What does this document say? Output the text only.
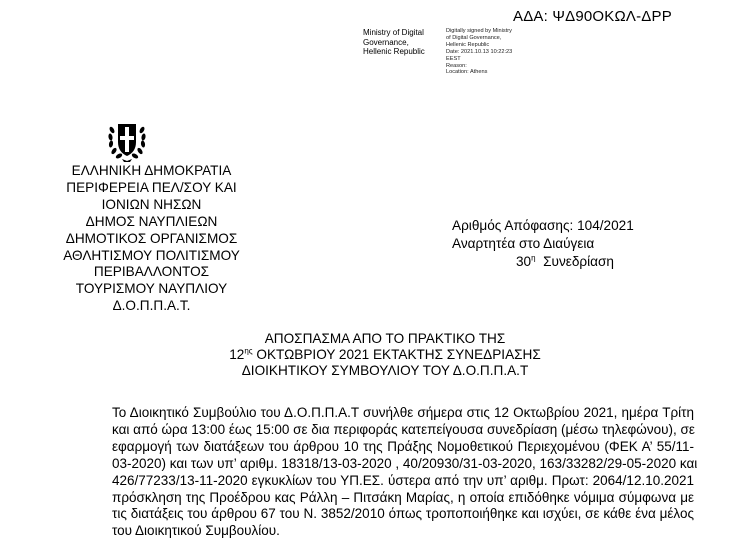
ΑΔΑ: ΨΔ90ΟΚΩΛ-ΔΡΡ
Ministry of Digital
Governance,
Hellenic Republic
Digitally signed by Ministry
of Digital Governance,
Hellenic Republic
Date: 2021.10.13 10:22:23
EEST
Reason:
Location: Athens
ΕΛΛΗΝΙΚΗ ΔΗΜΟΚΡΑΤΙΑ
ΠΕΡΙΦΕΡΕΙΑ ΠΕΛ/ΣΟΥ ΚΑΙ
ΙΟΝΙΩΝ ΝΗΣΩΝ
ΔΗΜΟΣ ΝΑΥΠΛΙΕΩΝ
ΔΗΜΟΤΙΚΟΣ ΟΡΓΑΝΙΣΜΟΣ
ΑΘΛΗΤΙΣΜΟΥ ΠΟΛΙΤΙΣΜΟΥ
ΠΕΡΙΒΑΛΛΟΝΤΟΣ
ΤΟΥΡΙΣΜΟΥ ΝΑΥΠΛΙΟΥ
Δ.Ο.Π.Π.Α.Τ.
Αριθμός Απόφασης: 104/2021
Αναρτητέα στο Διαύγεια
$30^\eta$ Συνεδρίαση
ΑΠΟΣΠΑΣΜΑ ΑΠΟ ΤΟ ΠΡΑΚΤΙΚΟ ΤΗΣ
$12^{\eta\varsigma}$ ΟΚΤΩΒΡΙΟΥ 2021 ΕΚΤΑΚΤΗΣ ΣΥΝΕΔΡΙΑΣΗΣ
ΔΙΟΙΚΗΤΙΚΟΥ ΣΥΜΒΟΥΛΙΟΥ ΤΟΥ Δ.Ο.Π.Π.Α.Τ
Το Διοικητικό Συμβούλιο του Δ.Ο.Π.Π.Α.Τ συνήλθε σήμερα στις 12 Οκτωβρίου 2021, ημέρα Τρίτη
και από ώρα 13:00 έως 15:00 σε δια περιφοράς κατεπείγουσα συνεδρίαση (μέσω τηλεφώνου), σε
εφαρμογή των διατάξεων του άρθρου 10 της Πράξης Νομοθετικού Περιεχομένου (ΦΕΚ Α’ 55/11-
03-2020) και των υπ’ αριθμ. 18318/13-03-2020 , 40/20930/31-03-2020, 163/33282/29-05-2020 και
426/77233/13-11-2020 εγκυκλίων του ΥΠ.ΕΣ. ύστερα από την υπ’ αριθμ. Πρωτ: 2064/12.10.2021
πρόσκληση της Προέδρου κας Ράλλη – Πιτσάκη Μαρίας, η οποία επιδόθηκε νόμιμα σύμφωνα με
τις διατάξεις του άρθρου 67 του Ν. 3852/2010 όπως τροποποιήθηκε και ισχύει, σε κάθε ένα μέλος
του Διοικητικού Συμβουλίου.
